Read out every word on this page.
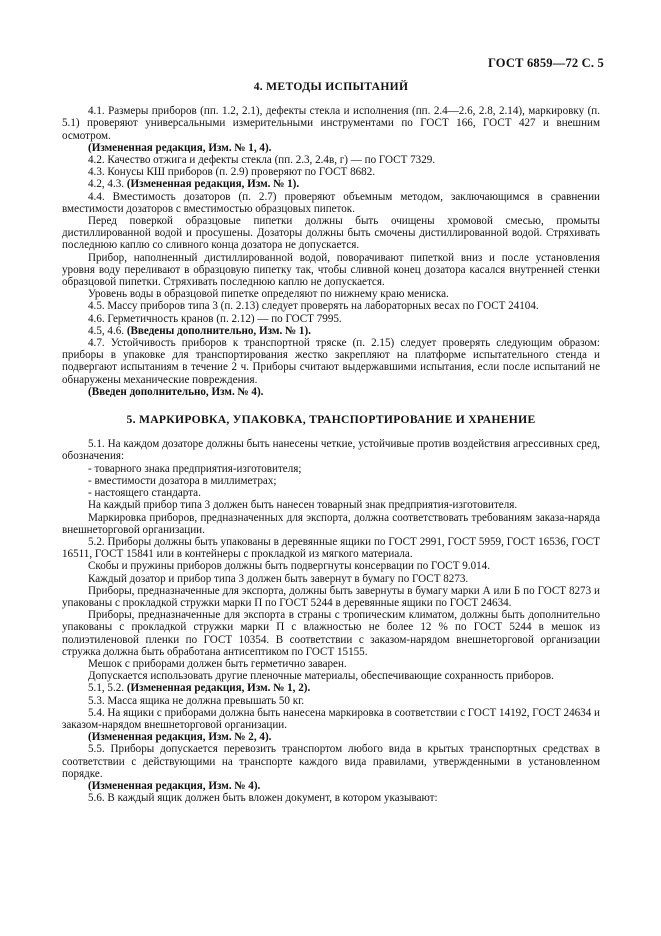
ГОСТ 6859—72 С. 5
4. МЕТОДЫ ИСПЫТАНИЙ

4.1. Размеры приборов (пп. 1.2, 2.1), дефекты стекла и исполнения (пп. 2.4—2.6, 2.8, 2.14), маркировку (п. 5.1) проверяют универсальными измерительными инструментами по ГОСТ 166, ГОСТ 427 и внешним осмотром.

(Измененная редакция, Изм. № 1, 4).

4.2. Качество отжига и дефекты стекла (пп. 2.3, 2.4в, г) — по ГОСТ 7329.

4.3. Конусы КШ приборов (п. 2.9) проверяют по ГОСТ 8682.

4.2, 4.3. (Измененная редакция, Изм. № 1).

4.4. Вместимость дозаторов (п. 2.7) проверяют объемным методом, заключающимся в сравнении вместимости дозаторов с вместимостью образцовых пипеток.

Перед поверкой образцовые пипетки должны быть очищены хромовой смесью, промыты дистиллированной водой и просушены. Дозаторы должны быть смочены дистиллированной водой. Стряхивать последнюю каплю со сливного конца дозатора не допускается.

Прибор, наполненный дистиллированной водой, поворачивают пипеткой вниз и после установления уровня воду переливают в образцовую пипетку так, чтобы сливной конец дозатора касался внутренней стенки образцовой пипетки. Стряхивать последнюю каплю не допускается.

Уровень воды в образцовой пипетке определяют по нижнему краю мениска.

4.5. Массу приборов типа 3 (п. 2.13) следует проверять на лабораторных весах по ГОСТ 24104.

4.6. Герметичность кранов (п. 2.12) — по ГОСТ 7995.

4.5, 4.6. (Введены дополнительно, Изм. № 1).

4.7. Устойчивость приборов к транспортной тряске (п. 2.15) следует проверять следующим образом: приборы в упаковке для транспортирования жестко закрепляют на платформе испытательного стенда и подвергают испытаниям в течение 2 ч. Приборы считают выдержавшими испытания, если после испытаний не обнаружены механические повреждения.

(Введен дополнительно, Изм. № 4).

5. МАРКИРОВКА, УПАКОВКА, ТРАНСПОРТИРОВАНИЕ И ХРАНЕНИЕ

5.1. На каждом дозаторе должны быть нанесены четкие, устойчивые против воздействия агрессивных сред, обозначения:

- товарного знака предприятия-изготовителя;

- вместимости дозатора в миллиметрах;

- настоящего стандарта.

На каждый прибор типа 3 должен быть нанесен товарный знак предприятия-изготовителя.

Маркировка приборов, предназначенных для экспорта, должна соответствовать требованиям заказа-наряда внешнеторговой организации.

5.2. Приборы должны быть упакованы в деревянные ящики по ГОСТ 2991, ГОСТ 5959, ГОСТ 16536, ГОСТ 16511, ГОСТ 15841 или в контейнеры с прокладкой из мягкого материала.

Скобы и пружины приборов должны быть подвергнуты консервации по ГОСТ 9.014.

Каждый дозатор и прибор типа 3 должен быть завернут в бумагу по ГОСТ 8273.

Приборы, предназначенные для экспорта, должны быть завернуты в бумагу марки А или Б по ГОСТ 8273 и упакованы с прокладкой стружки марки П по ГОСТ 5244 в деревянные ящики по ГОСТ 24634.

Приборы, предназначенные для экспорта в страны с тропическим климатом, должны быть дополнительно упакованы с прокладкой стружки марки П с влажностью не более 12 % по ГОСТ 5244 в мешок из полиэтиленовой пленки по ГОСТ 10354. В соответствии с заказом-нарядом внешнеторговой организации стружка должна быть обработана антисептиком по ГОСТ 15155.

Мешок с приборами должен быть герметично заварен.

Допускается использовать другие пленочные материалы, обеспечивающие сохранность приборов.

5.1, 5.2. (Измененная редакция, Изм. № 1, 2).

5.3. Масса ящика не должна превышать 50 кг.

5.4. На ящики с приборами должна быть нанесена маркировка в соответствии с ГОСТ 14192, ГОСТ 24634 и заказом-нарядом внешнеторговой организации.

(Измененная редакция, Изм. № 2, 4).

5.5. Приборы допускается перевозить транспортом любого вида в крытых транспортных средствах в соответствии с действующими на транспорте каждого вида правилами, утвержденными в установленном порядке.

(Измененная редакция, Изм. № 4).

5.6. В каждый ящик должен быть вложен документ, в котором указывают:
